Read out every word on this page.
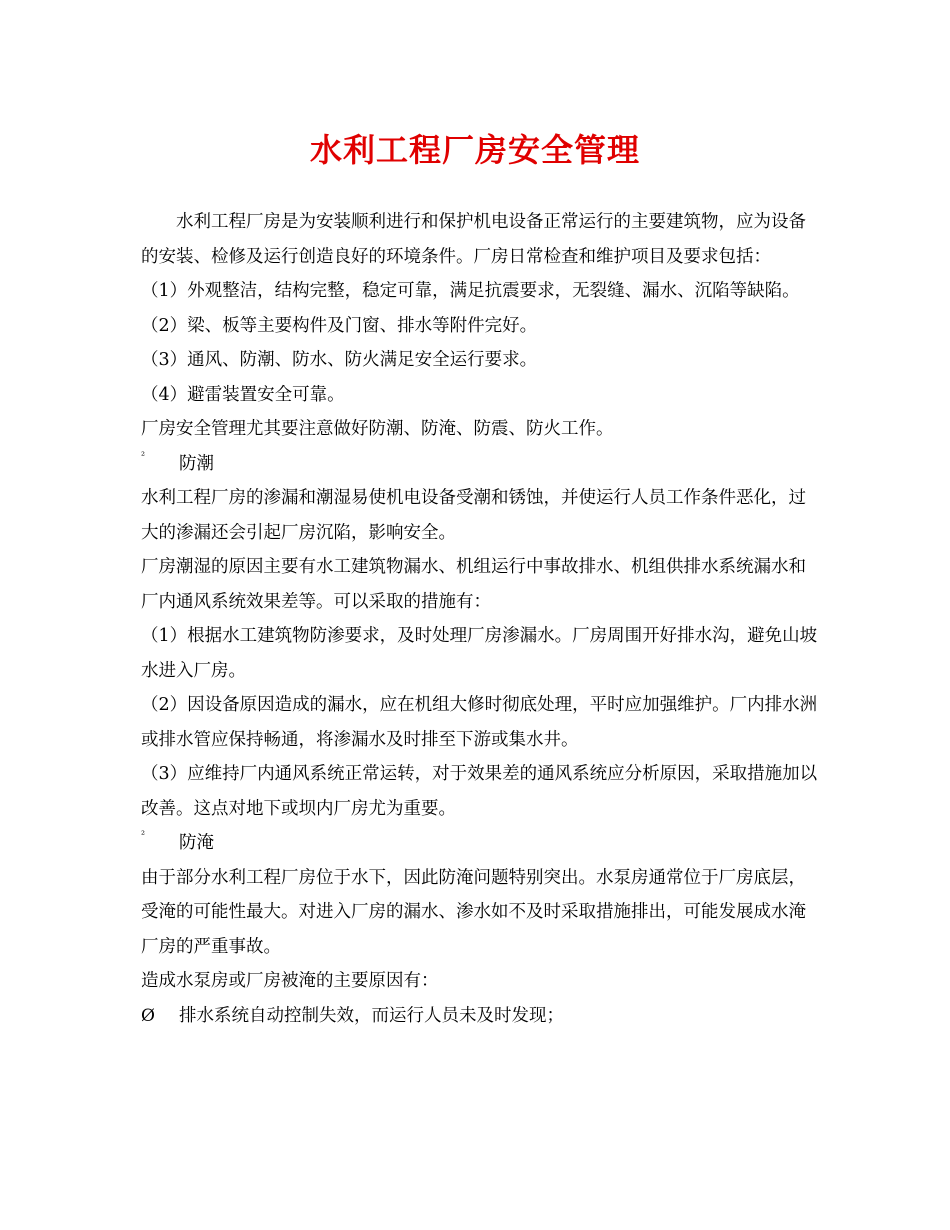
水利工程厂房安全管理

水利工程厂房是为安装顺利进行和保护机电设备正常运行的主要建筑物，应为设备的安装、检修及运行创造良好的环境条件。厂房日常检查和维护项目及要求包括：

（1）外观整洁，结构完整，稳定可靠，满足抗震要求，无裂缝、漏水、沉陷等缺陷。

（2）梁、板等主要构件及门窗、排水等附件完好。

（3）通风、防潮、防水、防火满足安全运行要求。

（4）避雷装置安全可靠。

厂房安全管理尤其要注意做好防潮、防淹、防震、防火工作。

² 防潮

水利工程厂房的渗漏和潮湿易使机电设备受潮和锈蚀，并使运行人员工作条件恶化，过大的渗漏还会引起厂房沉陷，影响安全。

厂房潮湿的原因主要有水工建筑物漏水、机组运行中事故排水、机组供排水系统漏水和厂内通风系统效果差等。可以采取的措施有：

（1）根据水工建筑物防渗要求，及时处理厂房渗漏水。厂房周围开好排水沟，避免山坡水进入厂房。

（2）因设备原因造成的漏水，应在机组大修时彻底处理，平时应加强维护。厂内排水洲或排水管应保持畅通，将渗漏水及时排至下游或集水井。

（3）应维持厂内通风系统正常运转，对于效果差的通风系统应分析原因，采取措施加以改善。这点对地下或坝内厂房尤为重要。

² 防淹

由于部分水利工程厂房位于水下，因此防淹问题特别突出。水泵房通常位于厂房底层，受淹的可能性最大。对进入厂房的漏水、渗水如不及时采取措施排出，可能发展成水淹厂房的严重事故。

造成水泵房或厂房被淹的主要原因有：

Ø 排水系统自动控制失效，而运行人员未及时发现；
